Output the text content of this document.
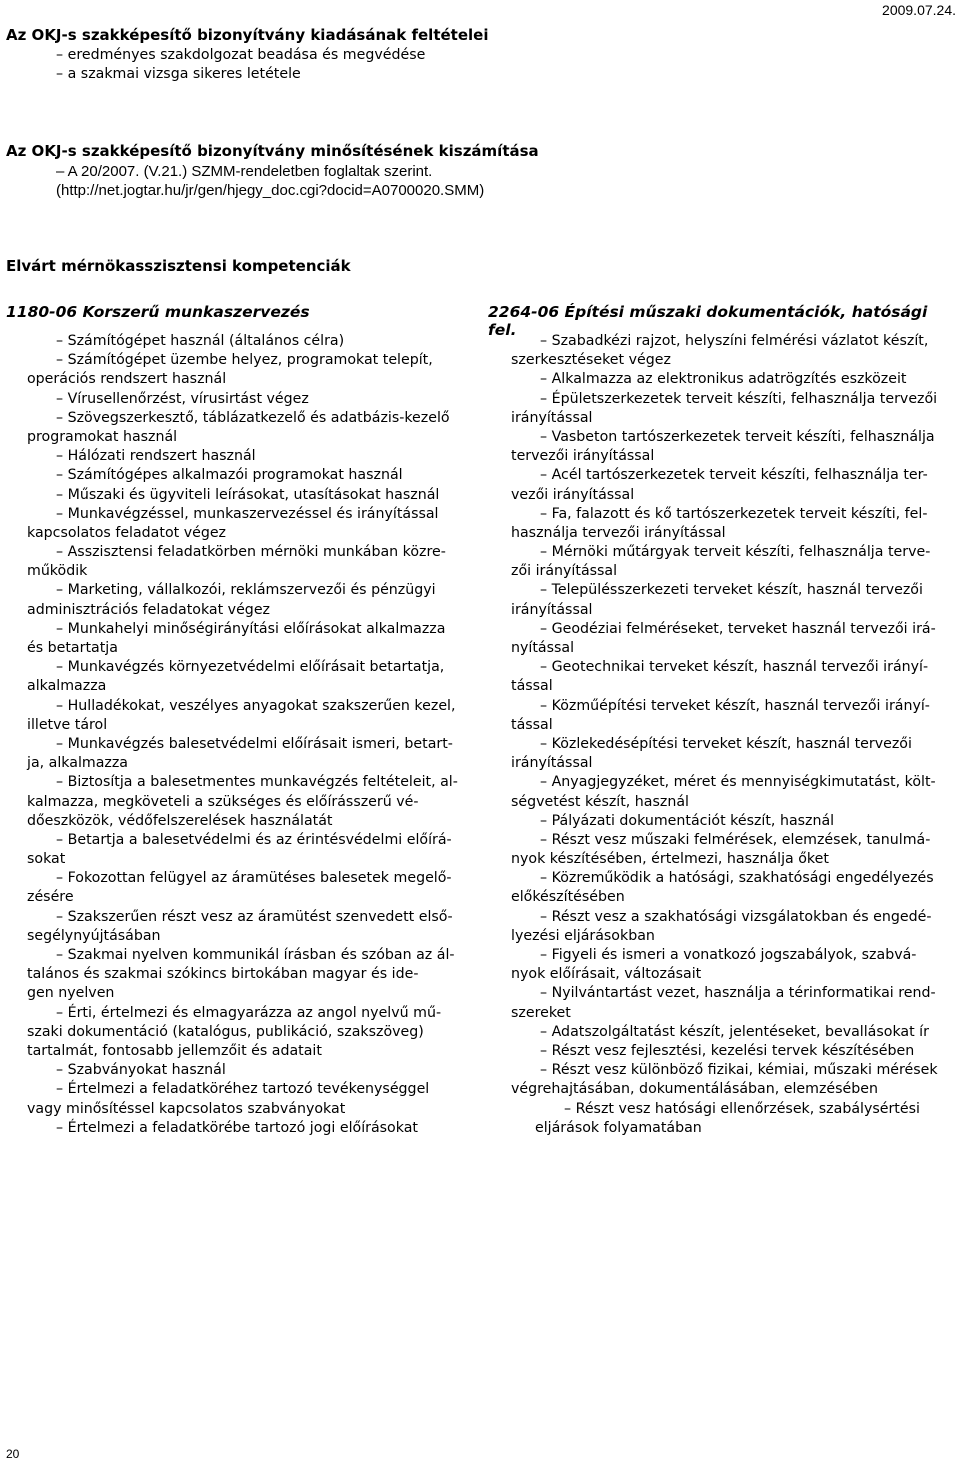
2009.07.24.
Az OKJ-s szakképesítő bizonyítvány kiadásának feltételei
– eredményes szakdolgozat beadása és megvédése
– a szakmai vizsga sikeres letétele
Az OKJ-s szakképesítő bizonyítvány minősítésének kiszámítása
– A 20/2007. (V.21.) SZMM-rendeletben foglaltak szerint.
(http://net.jogtar.hu/jr/gen/hjegy_doc.cgi?docid=A0700020.SMM)
Elvárt mérnökasszisztensi kompetenciák
1180-06 Korszerű munkaszervezés
– Számítógépet használ (általános célra)
– Számítógépet üzembe helyez, programokat telepít,
operációs rendszert használ
– Vírusellenőrzést, vírusirtást végez
– Szövegszerkesztő, táblázatkezelő és adatbázis-kezelő
programokat használ
– Hálózati rendszert használ
– Számítógépes alkalmazói programokat használ
– Műszaki és ügyviteli leírásokat, utasításokat használ
– Munkavégzéssel, munkaszervezéssel és irányítással
kapcsolatos feladatot végez
– Asszisztensi feladatkörben mérnöki munkában közre-
működik
– Marketing, vállalkozói, reklámszervezői és pénzügyi
adminisztrációs feladatokat végez
– Munkahelyi minőségirányítási előírásokat alkalmazza
és betartatja
– Munkavégzés környezetvédelmi előírásait betartatja,
alkalmazza
– Hulladékokat, veszélyes anyagokat szakszerűen kezel,
illetve tárol
– Munkavégzés balesetvédelmi előírásait ismeri, betart-
ja, alkalmazza
– Biztosítja a balesetmentes munkavégzés feltételeit, al-
kalmazza, megköveteli a szükséges és előírásszerű vé-
dőeszközök, védőfelszerelések használatát
– Betartja a balesetvédelmi és az érintésvédelmi előírá-
sokat
– Fokozottan felügyel az áramütéses balesetek megelő-
zésére
– Szakszerűen részt vesz az áramütést szenvedett első-
segélynyújtásában
– Szakmai nyelven kommunikál írásban és szóban az ál-
talános és szakmai szókincs birtokában magyar és ide-
gen nyelven
– Érti, értelmezi és elmagyarázza az angol nyelvű mű-
szaki dokumentáció (katalógus, publikáció, szakszöveg)
tartalmát, fontosabb jellemzőit és adatait
– Szabványokat használ
– Értelmezi a feladatköréhez tartozó tevékenységgel
vagy minősítéssel kapcsolatos szabványokat
– Értelmezi a feladatkörébe tartozó jogi előírásokat
2264-06 Építési műszaki dokumentációk, hatósági fel.
– Szabadkézi rajzot, helyszíni felmérési vázlatot készít,
szerkesztéseket végez
– Alkalmazza az elektronikus adatrögzítés eszközeit
– Épületszerkezetek terveit készíti, felhasználja tervezői
irányítással
– Vasbeton tartószerkezetek terveit készíti, felhasználja
tervezői irányítással
– Acél tartószerkezetek terveit készíti, felhasználja ter-
vezői irányítással
– Fa, falazott és kő tartószerkezetek terveit készíti, fel-
használja tervezői irányítással
– Mérnöki műtárgyak terveit készíti, felhasználja terve-
zői irányítással
– Településszerkezeti terveket készít, használ tervezői
irányítással
– Geodéziai felméréseket, terveket használ tervezői irá-
nyítással
– Geotechnikai terveket készít, használ tervezői irányí-
tással
– Közműépítési terveket készít, használ tervezői irányí-
tással
– Közlekedésépítési terveket készít, használ tervezői
irányítással
– Anyagjegyzéket, méret és mennyiségkimutatást, költ-
ségvetést készít, használ
– Pályázati dokumentációt készít, használ
– Részt vesz műszaki felmérések, elemzések, tanulmá-
nyok készítésében, értelmezi, használja őket
– Közreműködik a hatósági, szakhatósági engedélyezés
előkészítésében
– Részt vesz a szakhatósági vizsgálatokban és engedé-
lyezési eljárásokban
– Figyeli és ismeri a vonatkozó jogszabályok, szabvá-
nyok előírásait, változásait
– Nyilvántartást vezet, használja a térinformatikai rend-
szereket
– Adatszolgáltatást készít, jelentéseket, bevallásokat ír
– Részt vesz fejlesztési, kezelési tervek készítésében
– Részt vesz különböző fizikai, kémiai, műszaki mérések
végrehajtásában, dokumentálásában, elemzésében
– Részt vesz hatósági ellenőrzések, szabálysértési
eljárások folyamatában
20
